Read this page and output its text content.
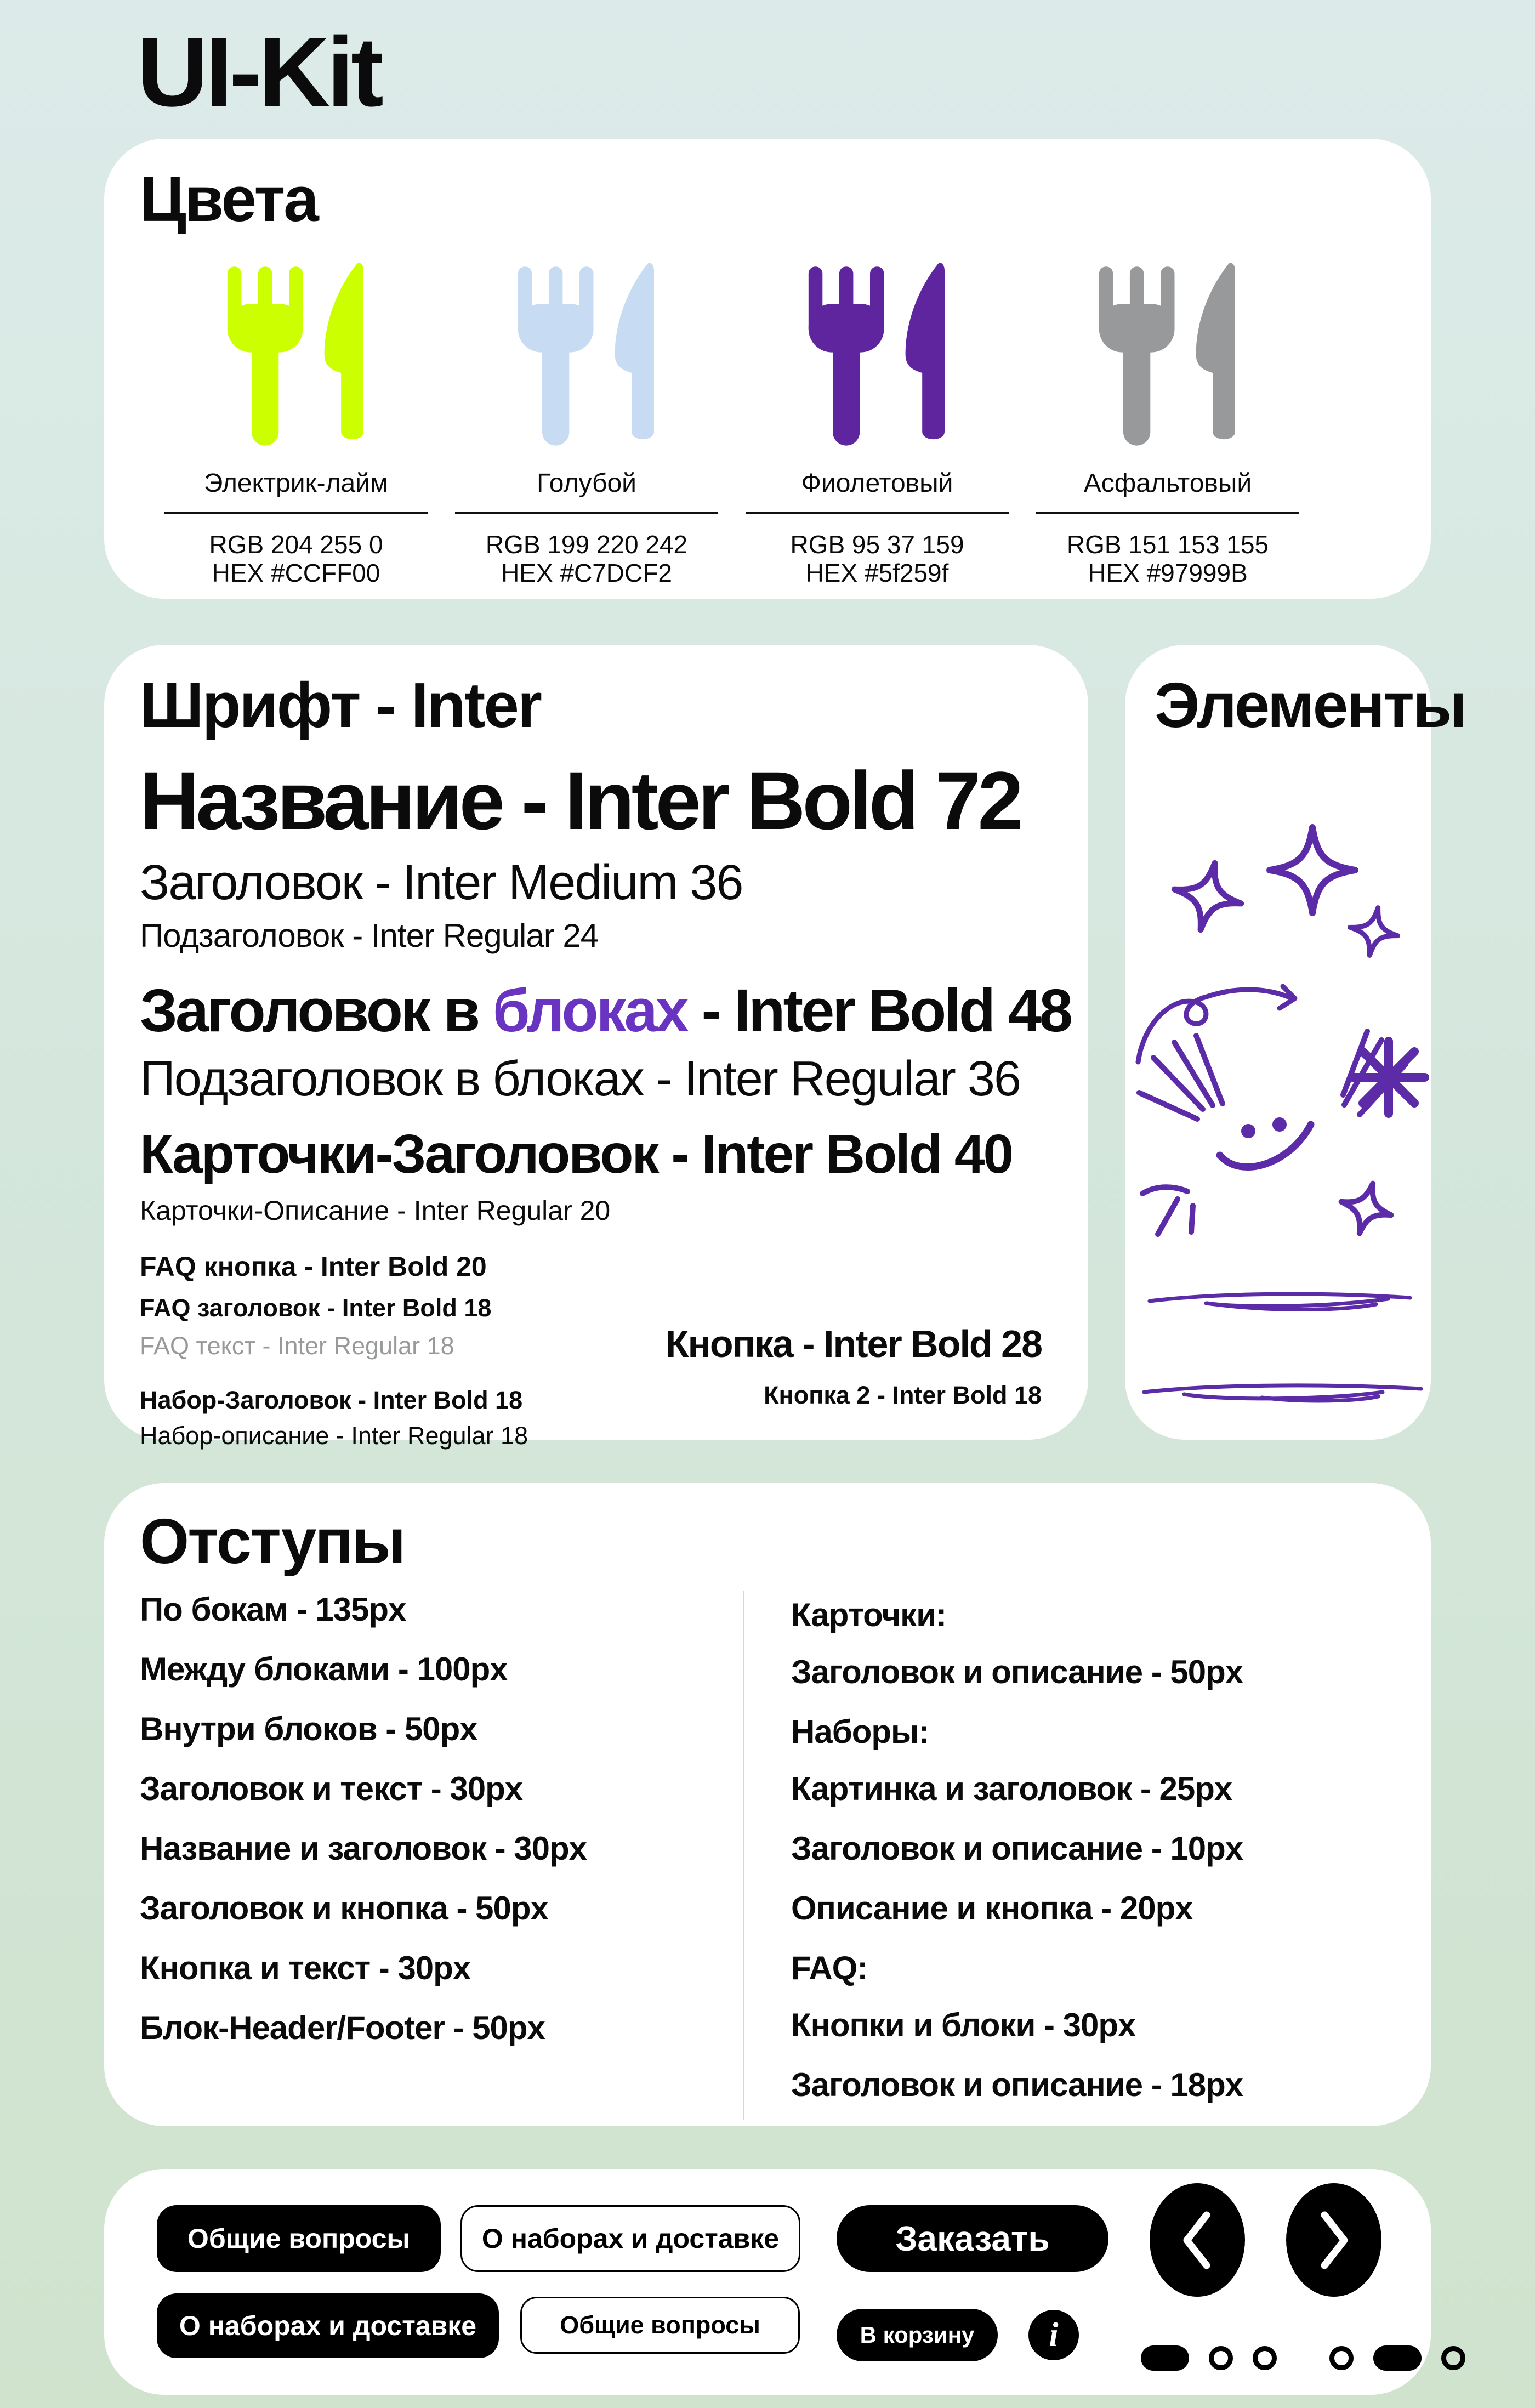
UI-Kit
Цвета
Электрик-лайм
RGB 204 255 0
HEX #CCFF00
Голубой
RGB 199 220 242
HEX #C7DCF2
Фиолетовый
RGB 95 37 159
HEX #5f259f
Асфальтовый
RGB 151 153 155
HEX #97999B
Шрифт - Inter
Название - Inter Bold 72
Заголовок - Inter Medium 36
Подзаголовок - Inter Regular 24
Заголовок в блоках - Inter Bold 48
Подзаголовок в блоках - Inter Regular 36
Карточки-Заголовок - Inter Bold 40
Карточки-Описание - Inter Regular 20
FAQ кнопка - Inter Bold 20
FAQ заголовок - Inter Bold 18
FAQ текст - Inter Regular 18
Набор-Заголовок - Inter Bold 18
Набор-описание - Inter Regular 18
Кнопка - Inter Bold 28
Кнопка 2 - Inter Bold 18
Элементы
Отступы
По бокам - 135px
Между блоками - 100px
Внутри блоков - 50px
Заголовок и текст - 30px
Название и заголовок - 30px
Заголовок и кнопка - 50px
Кнопка и текст - 30px
Блок-Header/Footer - 50px
Карточки:
Заголовок и описание - 50px
Наборы:
Картинка и заголовок - 25px
Заголовок и описание - 10px
Описание и кнопка - 20px
FAQ:
Кнопки и блоки - 30px
Заголовок и описание - 18px
Общие вопросы	О наборах и доставке	Заказать
О наборах и доставке	Общие вопросы	В корзину	i
